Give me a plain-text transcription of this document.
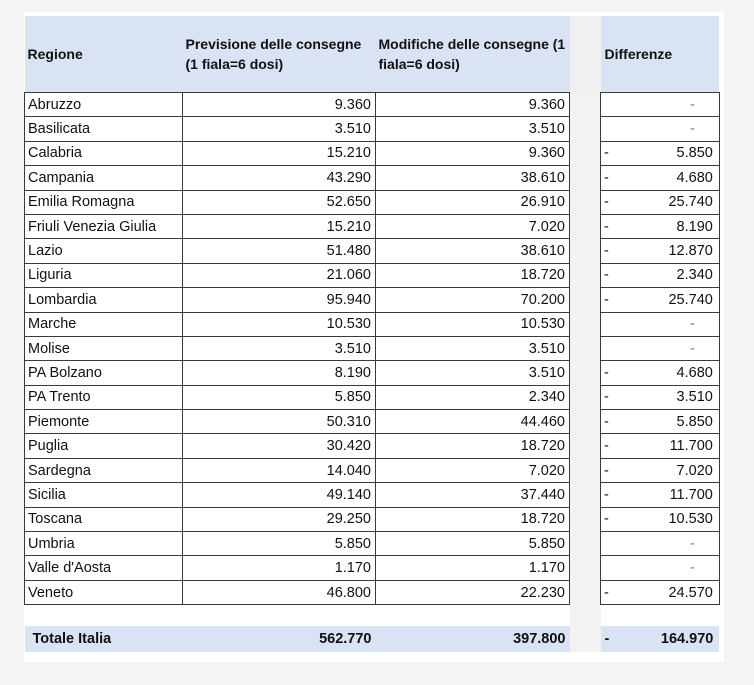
Regione	Previsione delle consegne (1 fiala=6 dosi)	Modifiche delle consegne (1 fiala=6 dosi)		Differenze	
Abruzzo	9.360	9.360			-
Basilicata	3.510	3.510			-
Calabria	15.210	9.360		-	5.850
Campania	43.290	38.610		-	4.680
Emilia Romagna	52.650	26.910		-	25.740
Friuli Venezia Giulia	15.210	7.020		-	8.190
Lazio	51.480	38.610		-	12.870
Liguria	21.060	18.720		-	2.340
Lombardia	95.940	70.200		-	25.740
Marche	10.530	10.530			-
Molise	3.510	3.510			-
PA Bolzano	8.190	3.510		-	4.680
PA Trento	5.850	2.340		-	3.510
Piemonte	50.310	44.460		-	5.850
Puglia	30.420	18.720		-	11.700
Sardegna	14.040	7.020		-	7.020
Sicilia	49.140	37.440		-	11.700
Toscana	29.250	18.720		-	10.530
Umbria	5.850	5.850			-
Valle d'Aosta	1.170	1.170			-
Veneto	46.800	22.230		-	24.570

Totale Italia	562.770	397.800		-	164.970
